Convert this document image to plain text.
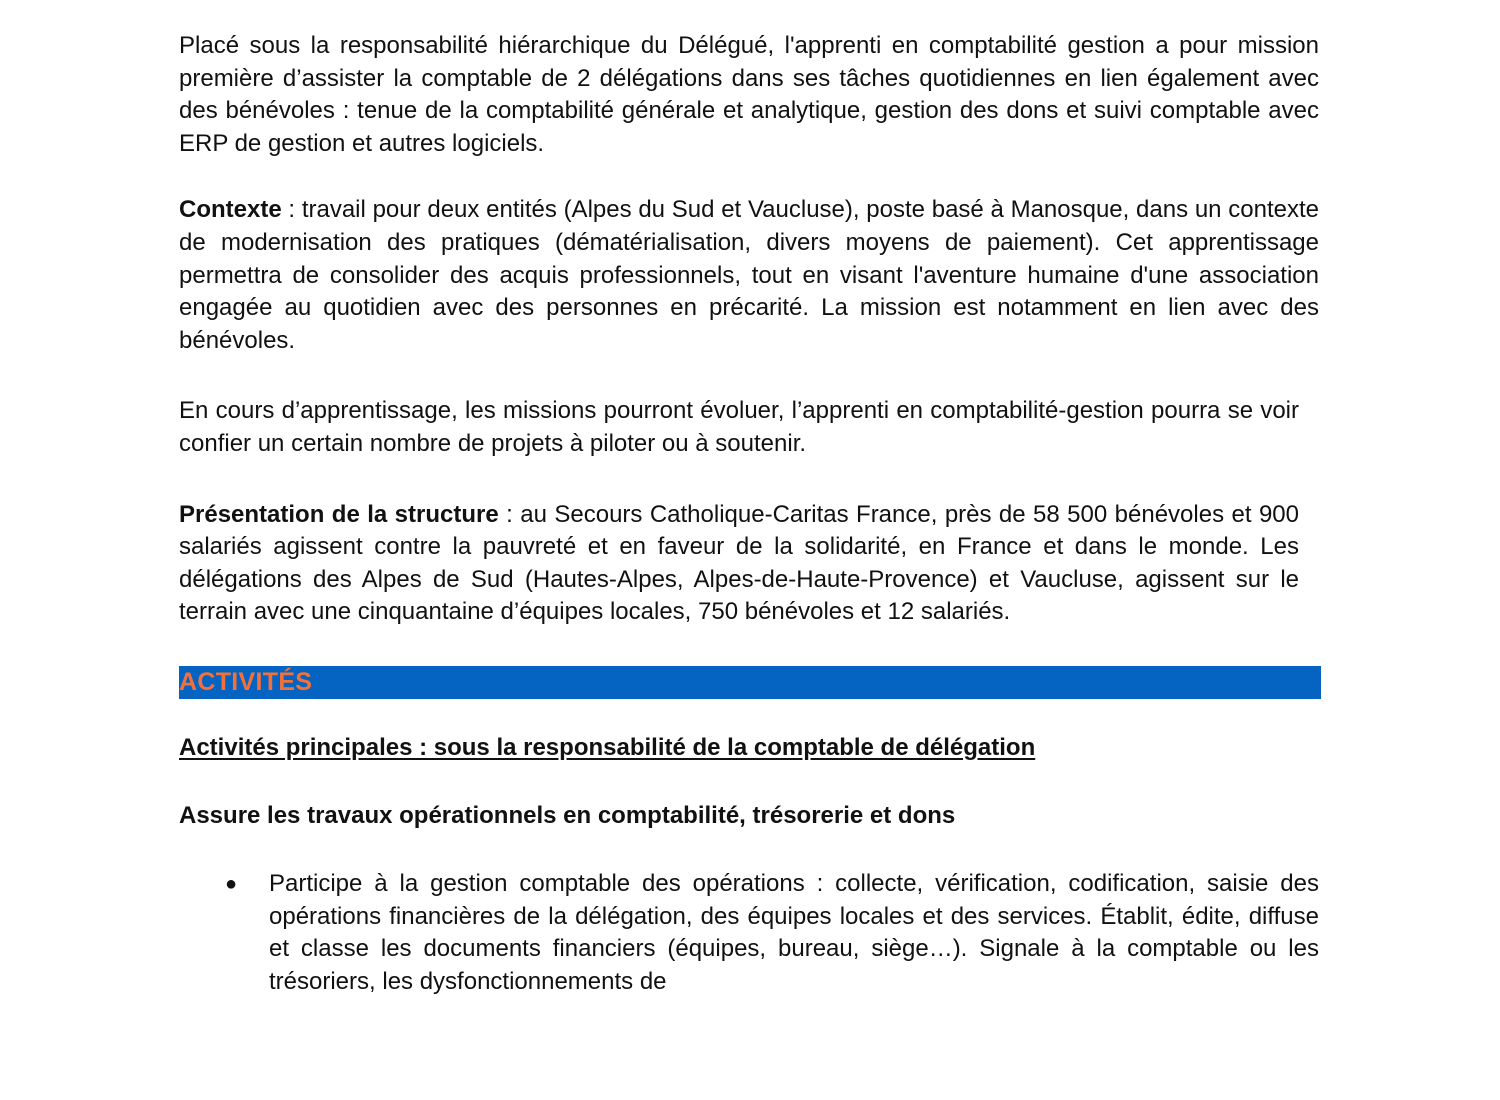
Placé sous la responsabilité hiérarchique du Délégué, l'apprenti en comptabilité gestion a pour mission première d’assister la comptable de 2 délégations dans ses tâches quotidiennes en lien également avec des bénévoles : tenue de la comptabilité générale et analytique, gestion des dons et suivi comptable avec ERP de gestion et autres logiciels.

Contexte : travail pour deux entités (Alpes du Sud et Vaucluse), poste basé à Manosque, dans un contexte de modernisation des pratiques (dématérialisation, divers moyens de paiement). Cet apprentissage permettra de consolider des acquis professionnels, tout en visant l'aventure humaine d'une association engagée au quotidien avec des personnes en précarité. La mission est notamment en lien avec des bénévoles.

En cours d’apprentissage, les missions pourront évoluer, l’apprenti en comptabilité-gestion pourra se voir confier un certain nombre de projets à piloter ou à soutenir.

Présentation de la structure : au Secours Catholique-Caritas France, près de 58 500 bénévoles et 900 salariés agissent contre la pauvreté et en faveur de la solidarité, en France et dans le monde. Les délégations des Alpes de Sud (Hautes-Alpes, Alpes-de-Haute-Provence) et Vaucluse, agissent sur le terrain avec une cinquantaine d’équipes locales, 750 bénévoles et 12 salariés.

ACTIVITÉS

Activités principales : sous la responsabilité de la comptable de délégation

Assure les travaux opérationnels en comptabilité, trésorerie et dons

● Participe à la gestion comptable des opérations : collecte, vérification, codification, saisie des opérations financières de la délégation, des équipes locales et des services. Établit, édite, diffuse et classe les documents financiers (équipes, bureau, siège…). Signale à la comptable ou les trésoriers, les dysfonctionnements de
